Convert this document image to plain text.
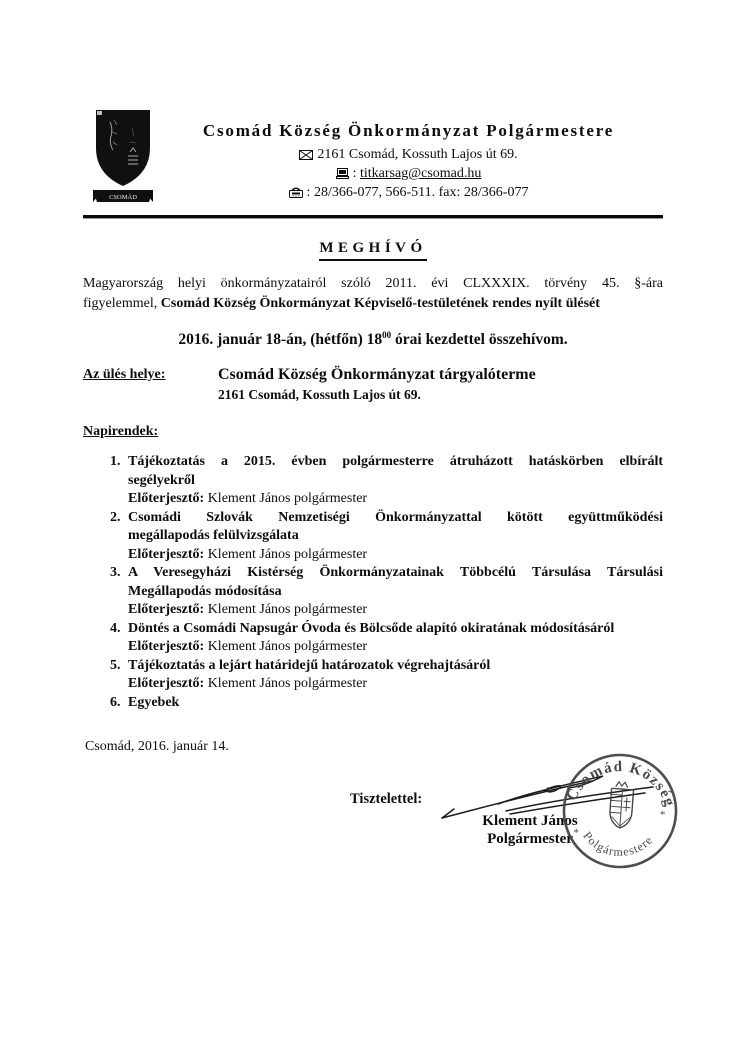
CSOMÁD
Csomád Község Önkormányzat Polgármestere
2161 Csomád, Kossuth Lajos út 69.
: titkarsag@csomad.hu
: 28/366-077, 566-511. fax: 28/366-077
MEGHÍVÓ
Magyarország helyi önkormányzatairól szóló 2011. évi CLXXXIX. törvény 45. §-ára
figyelemmel, Csomád Község Önkormányzat Képviselő-testületének rendes nyílt ülését
2016. január 18-án, (hétfőn) $18^{00}$ órai kezdettel összehívom.
Az ülés helye:	Csomád Község Önkormányzat tárgyalóterme
2161 Csomád, Kossuth Lajos út 69.
Napirendek:
1. Tájékoztatás a 2015. évben polgármesterre átruházott hatáskörben elbírált
segélyekről
Előterjesztő: Klement János polgármester
2. Csomádi Szlovák Nemzetiségi Önkormányzattal kötött együttműködési
megállapodás felülvizsgálata
Előterjesztő: Klement János polgármester
3. A Veresegyházi Kistérség Önkormányzatainak Többcélú Társulása Társulási
Megállapodás módosítása
Előterjesztő: Klement János polgármester
4. Döntés a Csomádi Napsugár Óvoda és Bölcsőde alapító okiratának módosításáról
Előterjesztő: Klement János polgármester
5. Tájékoztatás a lejárt határidejű határozatok végrehajtásáról
Előterjesztő: Klement János polgármester
6. Egyebek
Csomád, 2016. január 14.
Tisztelettel:
Klement János
Polgármester
Csomád Község
Polgármestere
*
*
